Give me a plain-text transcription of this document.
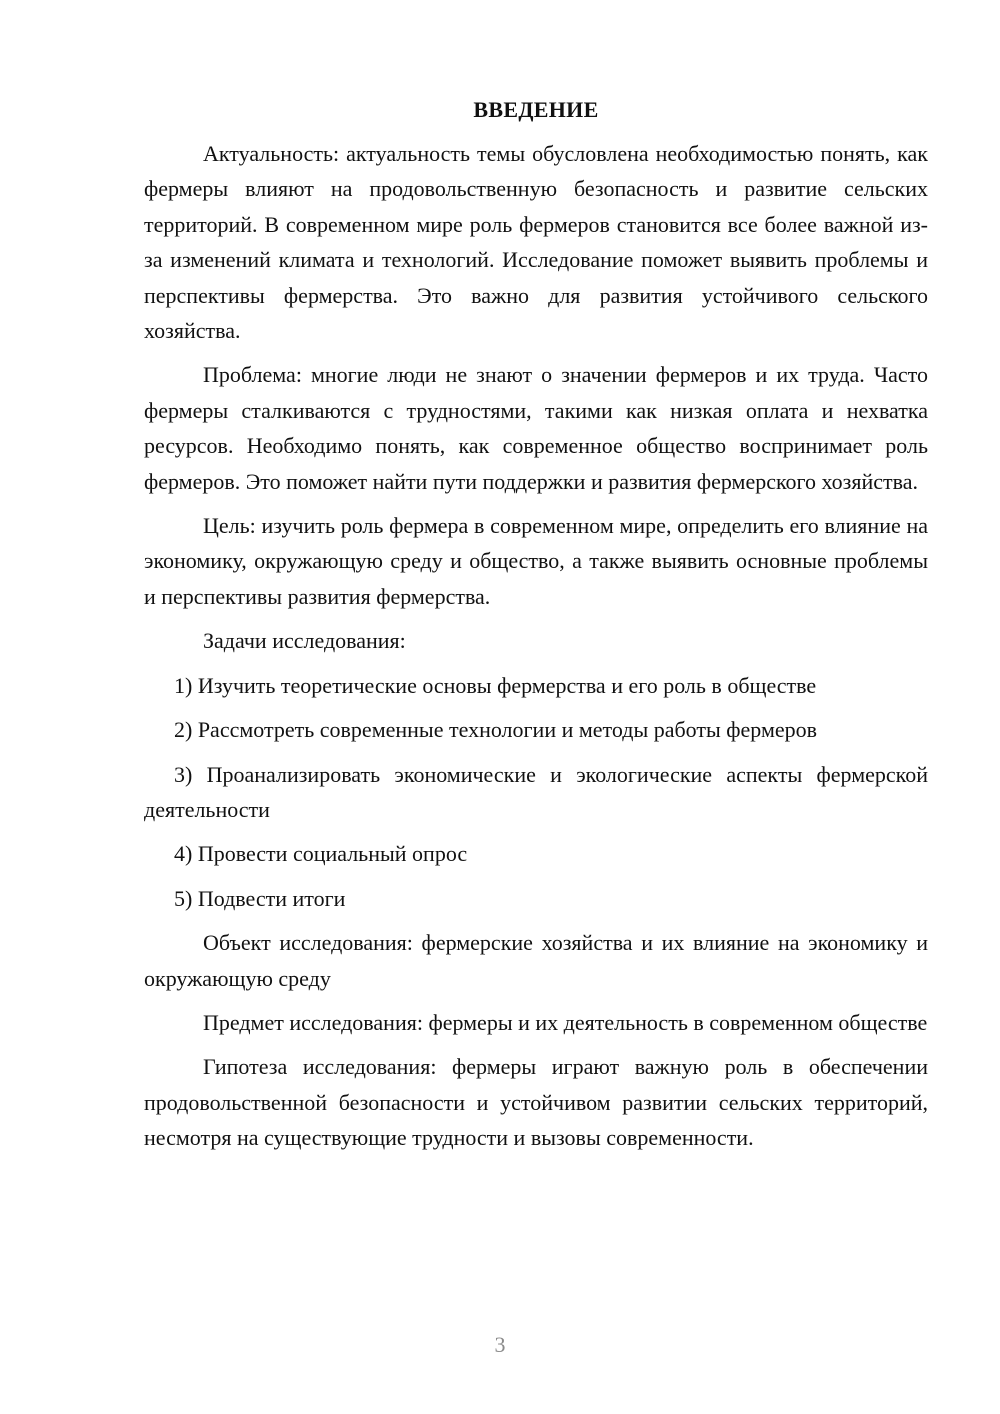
ВВЕДЕНИЕ

Актуальность: актуальность темы обусловлена необходимостью понять, как фермеры влияют на продовольственную безопасность и развитие сельских территорий. В современном мире роль фермеров становится все более важной из-за изменений климата и технологий. Исследование поможет выявить проблемы и перспективы фермерства. Это важно для развития устойчивого сельского хозяйства.

Проблема: многие люди не знают о значении фермеров и их труда. Часто фермеры сталкиваются с трудностями, такими как низкая оплата и нехватка ресурсов. Необходимо понять, как современное общество воспринимает роль фермеров. Это поможет найти пути поддержки и развития фермерского хозяйства.

Цель: изучить роль фермера в современном мире, определить его влияние на экономику, окружающую среду и общество, а также выявить основные проблемы и перспективы развития фермерства.

Задачи исследования:

1) Изучить теоретические основы фермерства и его роль в обществе

2) Рассмотреть современные технологии и методы работы фермеров

3) Проанализировать экономические и экологические аспекты фермерской деятельности

4) Провести социальный опрос

5) Подвести итоги

Объект исследования: фермерские хозяйства и их влияние на экономику и окружающую среду

Предмет исследования: фермеры и их деятельность в современном обществе

Гипотеза исследования: фермеры играют важную роль в обеспечении продовольственной безопасности и устойчивом развитии сельских территорий, несмотря на существующие трудности и вызовы современности.

3
